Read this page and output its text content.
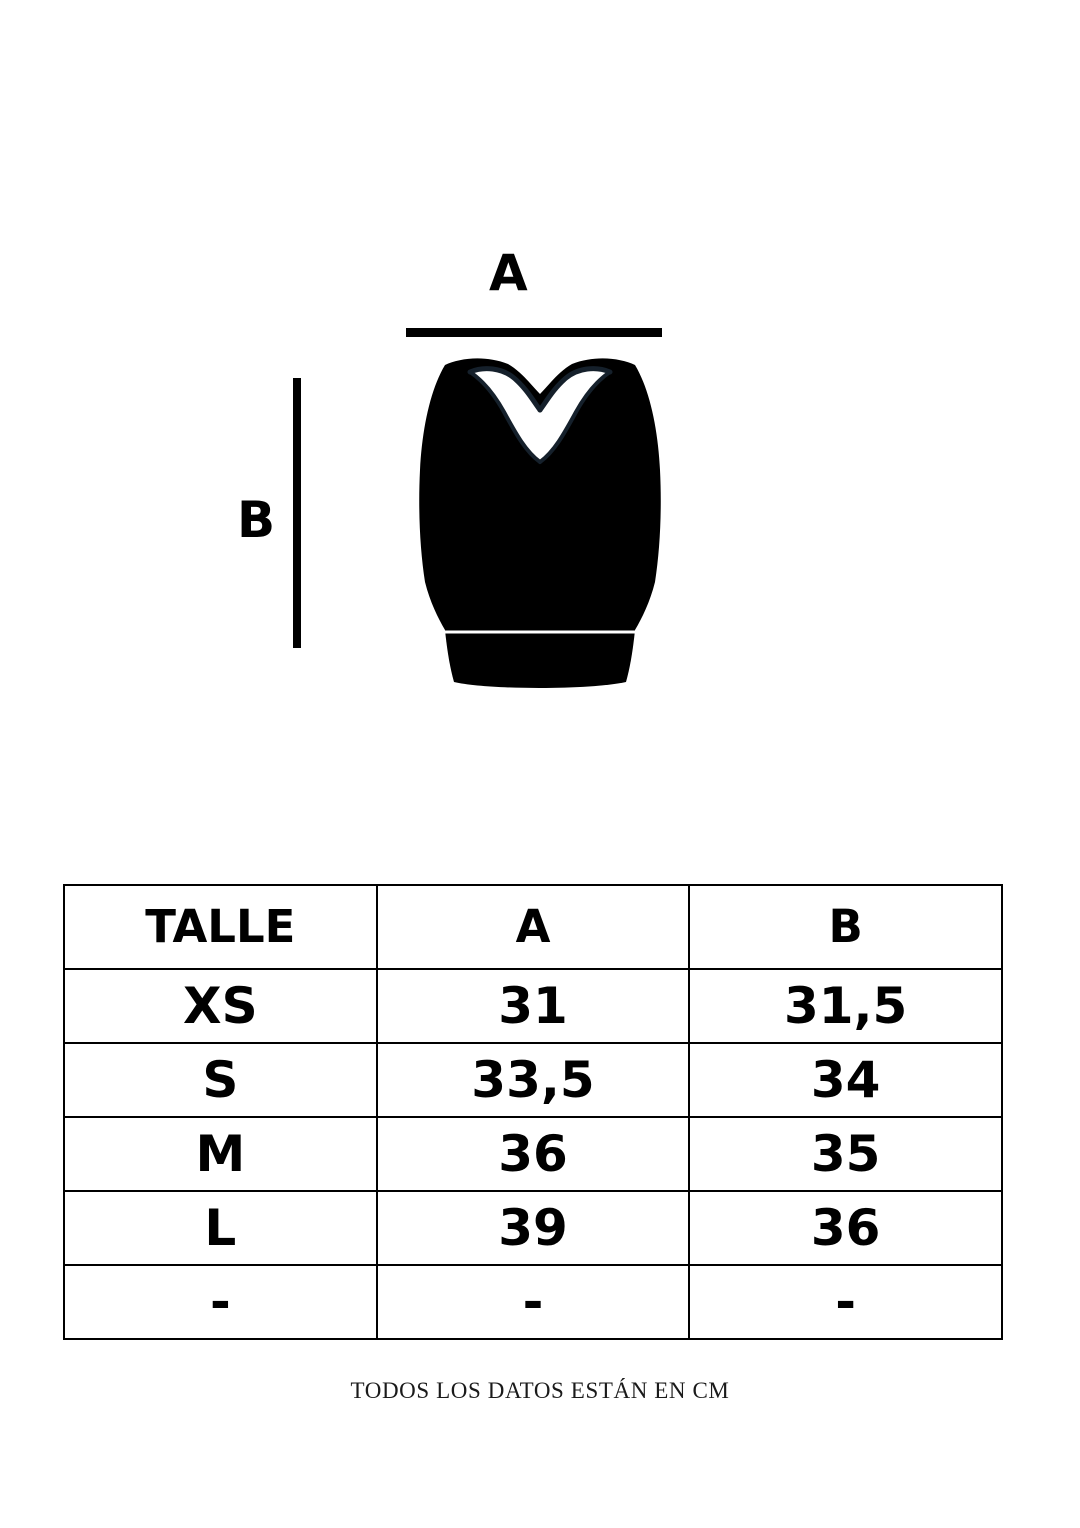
A
B
TALLE	A	B
XS	31	31,5
S	33,5	34
M	36	35
L	39	36
-	-	-
TODOS LOS DATOS ESTÁN EN CM
